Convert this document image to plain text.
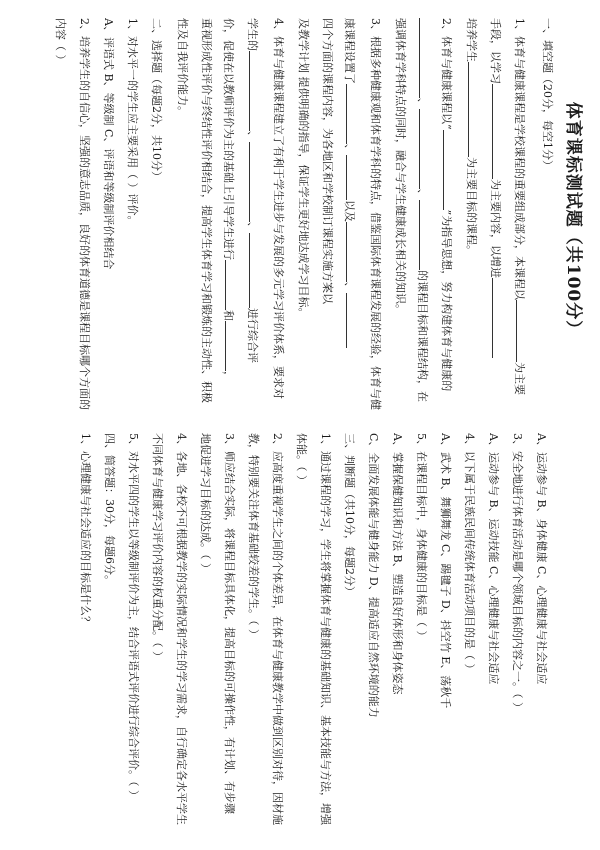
体育课标测试题（共100分）
一、填空题（20分，每空1分）
1、体育与健康课程是学校课程的重要组成部分，本课程以为主要
手段，以学习为主要内容，以增进
培养学生为主要目标的课程。
2、体育与健康课程以“”为指导思想，努力构建体育与健康的
、、的课程目标和课程结构，在
强调体育学科特点的同时，融合与学生健康成长相关的知识。
3、根据多种健康观和体育学科的特点，借鉴国际体育课程发展的经验，体育与健
康课程设置了、以及、
四个方面的课程内容，为各地区和学校制订课程实施方案以
及教学计划 提供明确的指导，保证学生更好地达成学习目标。
4、体育与健康课程建立了有利于学生进步与发展的多元学习评价体系，要求对
学生的、、进行综合评
价，促使在以教师评价为主的基础上引导学生进行和，
重视形成性评价与终结性评价相结合，提高学生体育学习和锻炼的主动性、积极
性及自我评价能力。
二、选择题（每题2分，共10分）
1、对水平一的学生应主要采用（ ）评价。
A、评语式 B、等级制 C、评语和等级制评价相结合
2、培养学生的自信心，坚强的意志品质，良好的体育道德是课程目标哪个方面的
内容（ ）
A、运动参与 B、身体健康 C、心理健康与社会适应
3、安全地进行体育活动是哪个领域目标的内容之一。（ ）
A、运动参与 B、运动技能 C、心理健康与社会适应
4、以下属于民族民间传统体育活动项目的是（ ）
A、武术 B、舞狮舞龙 C、踢毽子 D、抖空竹 E、荡秋千
5、在课程目标中，身体健康的目标是（ ）
A、掌握保健知识和方法 B、塑造良好体形和身体姿态
C、全面发展体能与健身能力 D、提高适应自然环境的能力
三、判断题（共10分，每题2分）
1、通过课程的学习，学生将掌握体育与健康的基础知识、基本技能与方法，增强
体能。（ ）
2、应高度重视学生之间的个体差异，在体育与健康教学中做到区别对待，因材施
教，特别要关注体育基础较差的学生。（ ）
3、师应结合实际，将课程目标具体化，提高目标的可操作性，有计划、有步骤
地促进学习目标的达成。（ ）
4、各地、各校不可根据教学的实际情况和学生的学习需求，自行确定各水平学生
不同体育与健康学习评价内容的权重分配。（ ）
5、对水平四的学生以等级制评价为主，结合评语式评价进行综合评价。（ ）
四、简答题：30分，每题6分。
1、心理健康与社会适应的目标是什么？
